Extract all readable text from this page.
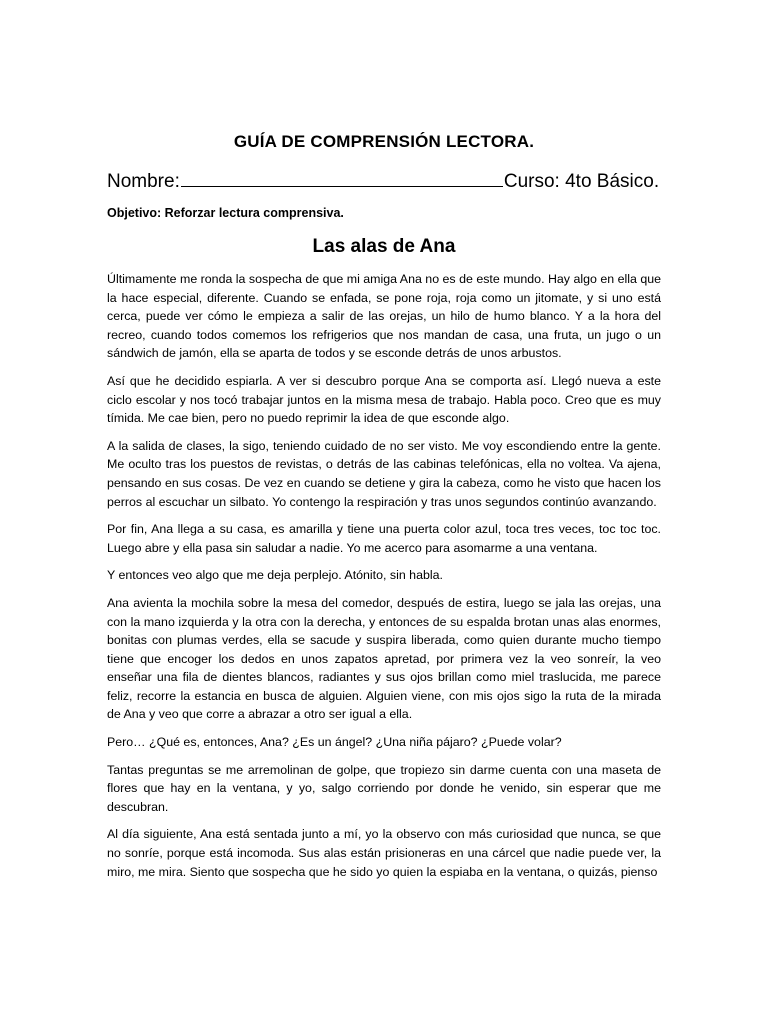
GUÍA DE COMPRENSIÓN LECTORA.
Nombre:	Curso: 4to Básico.
Objetivo: Reforzar lectura comprensiva.
Las alas de Ana

Últimamente me ronda la sospecha de que mi amiga Ana no es de este mundo. Hay algo en ella que la hace especial, diferente. Cuando se enfada, se pone roja, roja como un jitomate, y si uno está cerca, puede ver cómo le empieza a salir de las orejas, un hilo de humo blanco. Y a la hora del recreo, cuando todos comemos los refrigerios que nos mandan de casa, una fruta, un jugo o un sándwich de jamón, ella se aparta de todos y se esconde detrás de unos arbustos.

Así que he decidido espiarla. A ver si descubro porque Ana se comporta así. Llegó nueva a este ciclo escolar y nos tocó trabajar juntos en la misma mesa de trabajo. Habla poco. Creo que es muy tímida. Me cae bien, pero no puedo reprimir la idea de que esconde algo.

A la salida de clases, la sigo, teniendo cuidado de no ser visto. Me voy escondiendo entre la gente. Me oculto tras los puestos de revistas, o detrás de las cabinas telefónicas, ella no voltea. Va ajena, pensando en sus cosas. De vez en cuando se detiene y gira la cabeza, como he visto que hacen los perros al escuchar un silbato. Yo contengo la respiración y tras unos segundos continúo avanzando.

Por fin, Ana llega a su casa, es amarilla y tiene una puerta color azul, toca tres veces, toc toc toc. Luego abre y ella pasa sin saludar a nadie. Yo me acerco para asomarme a una ventana.

Y entonces veo algo que me deja perplejo. Atónito, sin habla.

Ana avienta la mochila sobre la mesa del comedor, después de estira, luego se jala las orejas, una con la mano izquierda y la otra con la derecha, y entonces de su espalda brotan unas alas enormes, bonitas con plumas verdes, ella se sacude y suspira liberada, como quien durante mucho tiempo tiene que encoger los dedos en unos zapatos apretad, por primera vez la veo sonreír, la veo enseñar una fila de dientes blancos, radiantes y sus ojos brillan como miel traslucida, me parece feliz, recorre la estancia en busca de alguien. Alguien viene, con mis ojos sigo la ruta de la mirada de Ana y veo que corre a abrazar a otro ser igual a ella.

Pero… ¿Qué es, entonces, Ana? ¿Es un ángel? ¿Una niña pájaro? ¿Puede volar?

Tantas preguntas se me arremolinan de golpe, que tropiezo sin darme cuenta con una maseta de flores que hay en la ventana, y yo, salgo corriendo por donde he venido, sin esperar que me descubran.

Al día siguiente, Ana está sentada junto a mí, yo la observo con más curiosidad que nunca, se que no sonríe, porque está incomoda. Sus alas están prisioneras en una cárcel que nadie puede ver, la miro, me mira. Siento que sospecha que he sido yo quien la espiaba en la ventana, o quizás, pienso
